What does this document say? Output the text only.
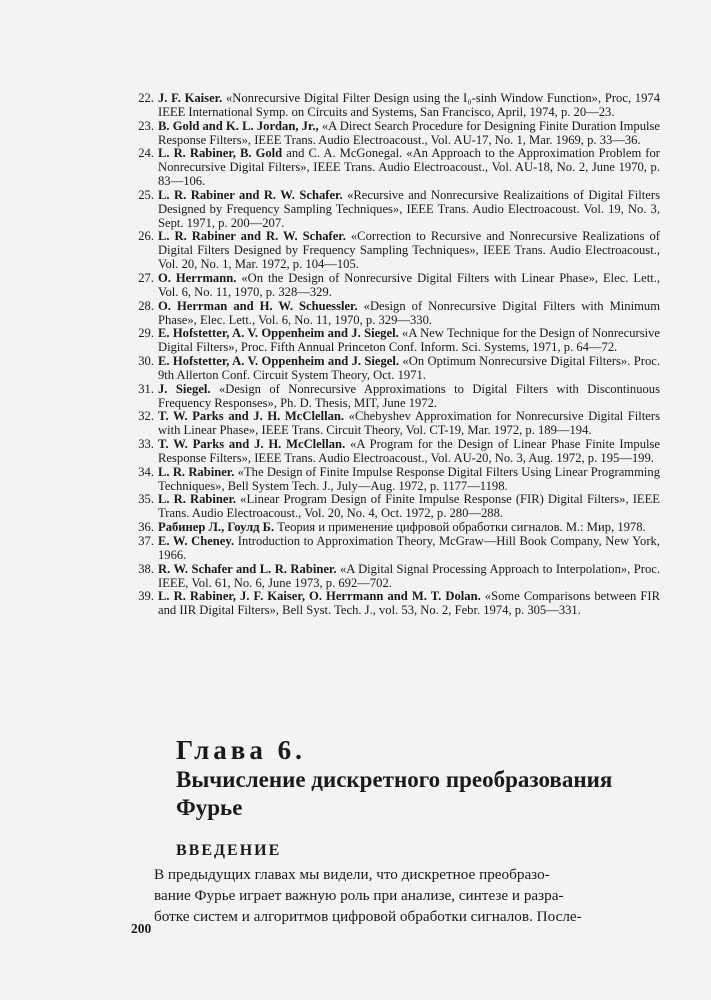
22. J. F. Kaiser. «Nonrecursive Digital Filter Design using the I₀-sinh Window Function», Proc, 1974 IEEE International Symp. on Circuits and Systems, San Francisco, April, 1974, p. 20—23.
23. B. Gold and K. L. Jordan, Jr., «A Direct Search Procedure for Designing Finite Duration Impulse Response Filters», IEEE Trans. Audio Electroacoust., Vol. AU-17, No. 1, Mar. 1969, p. 33—36.
24. L. R. Rabiner, B. Gold and C. A. McGonegal. «An Approach to the Approximation Problem for Nonrecursive Digital Filters», IEEE Trans. Audio Electroacoust., Vol. AU-18, No. 2, June 1970, p. 83—106.
25. L. R. Rabiner and R. W. Schafer. «Recursive and Nonrecursive Realizaitions of Digital Filters Designed by Frequency Sampling Techniques», IEEE Trans. Audio Electroacoust. Vol. 19, No. 3, Sept. 1971, p. 200—207.
26. L. R. Rabiner and R. W. Schafer. «Correction to Recursive and Nonrecursive Realizations of Digital Filters Designed by Frequency Sampling Techniques», IEEE Trans. Audio Electroacoust., Vol. 20, No. 1, Mar. 1972, p. 104—105.
27. O. Herrmann. «On the Design of Nonrecursive Digital Filters with Linear Phase», Elec. Lett., Vol. 6, No. 11, 1970, p. 328—329.
28. O. Herrman and H. W. Schuessler. «Design of Nonrecursive Digital Filters with Minimum Phase», Elec. Lett., Vol. 6, No. 11, 1970, p. 329—330.
29. E. Hofstetter, A. V. Oppenheim and J. Siegel. «A New Technique for the Design of Nonrecursive Digital Filters», Proc. Fifth Annual Princeton Conf. Inform. Sci. Systems, 1971, p. 64—72.
30. E. Hofstetter, A. V. Oppenheim and J. Siegel. «On Optimum Nonrecursive Digital Filters». Proc. 9th Allerton Conf. Circuit System Theory, Oct. 1971.
31. J. Siegel. «Design of Nonrecursive Approximations to Digital Filters with Discontinuous Frequency Responses», Ph. D. Thesis, MIT, June 1972.
32. T. W. Parks and J. H. McClellan. «Chebyshev Approximation for Nonrecursive Digital Filters with Linear Phase», IEEE Trans. Circuit Theory, Vol. CT-19, Mar. 1972, p. 189—194.
33. T. W. Parks and J. H. McClellan. «A Program for the Design of Linear Phase Finite Impulse Response Filters», IEEE Trans. Audio Electroacoust., Vol. AU-20, No. 3, Aug. 1972, p. 195—199.
34. L. R. Rabiner. «The Design of Finite Impulse Response Digital Filters Using Linear Programming Techniques», Bell System Tech. J., July—Aug. 1972, p. 1177—1198.
35. L. R. Rabiner. «Linear Program Design of Finite Impulse Response (FIR) Digital Filters», IEEE Trans. Audio Electroacoust., Vol. 20, No. 4, Oct. 1972, p. 280—288.
36. Рабинер Л., Гоулд Б. Теория и применение цифровой обработки сигналов. М.: Мир, 1978.
37. E. W. Cheney. Introduction to Approximation Theory, McGraw—Hill Book Company, New York, 1966.
38. R. W. Schafer and L. R. Rabiner. «A Digital Signal Processing Approach to Interpolation», Proc. IEEE, Vol. 61, No. 6, June 1973, p. 692—702.
39. L. R. Rabiner, J. F. Kaiser, O. Herrmann and M. T. Dolan. «Some Comparisons between FIR and IIR Digital Filters», Bell Syst. Tech. J., vol. 53, No. 2, Febr. 1974, p. 305—331.
Глава 6.
Вычисление дискретного преобразования Фурье
ВВЕДЕНИЕ
В предыдущих главах мы видели, что дискретное преобразо-
вание Фурье играет важную роль при анализе, синтезе и разра-
ботке систем и алгоритмов цифровой обработки сигналов. После-
200
